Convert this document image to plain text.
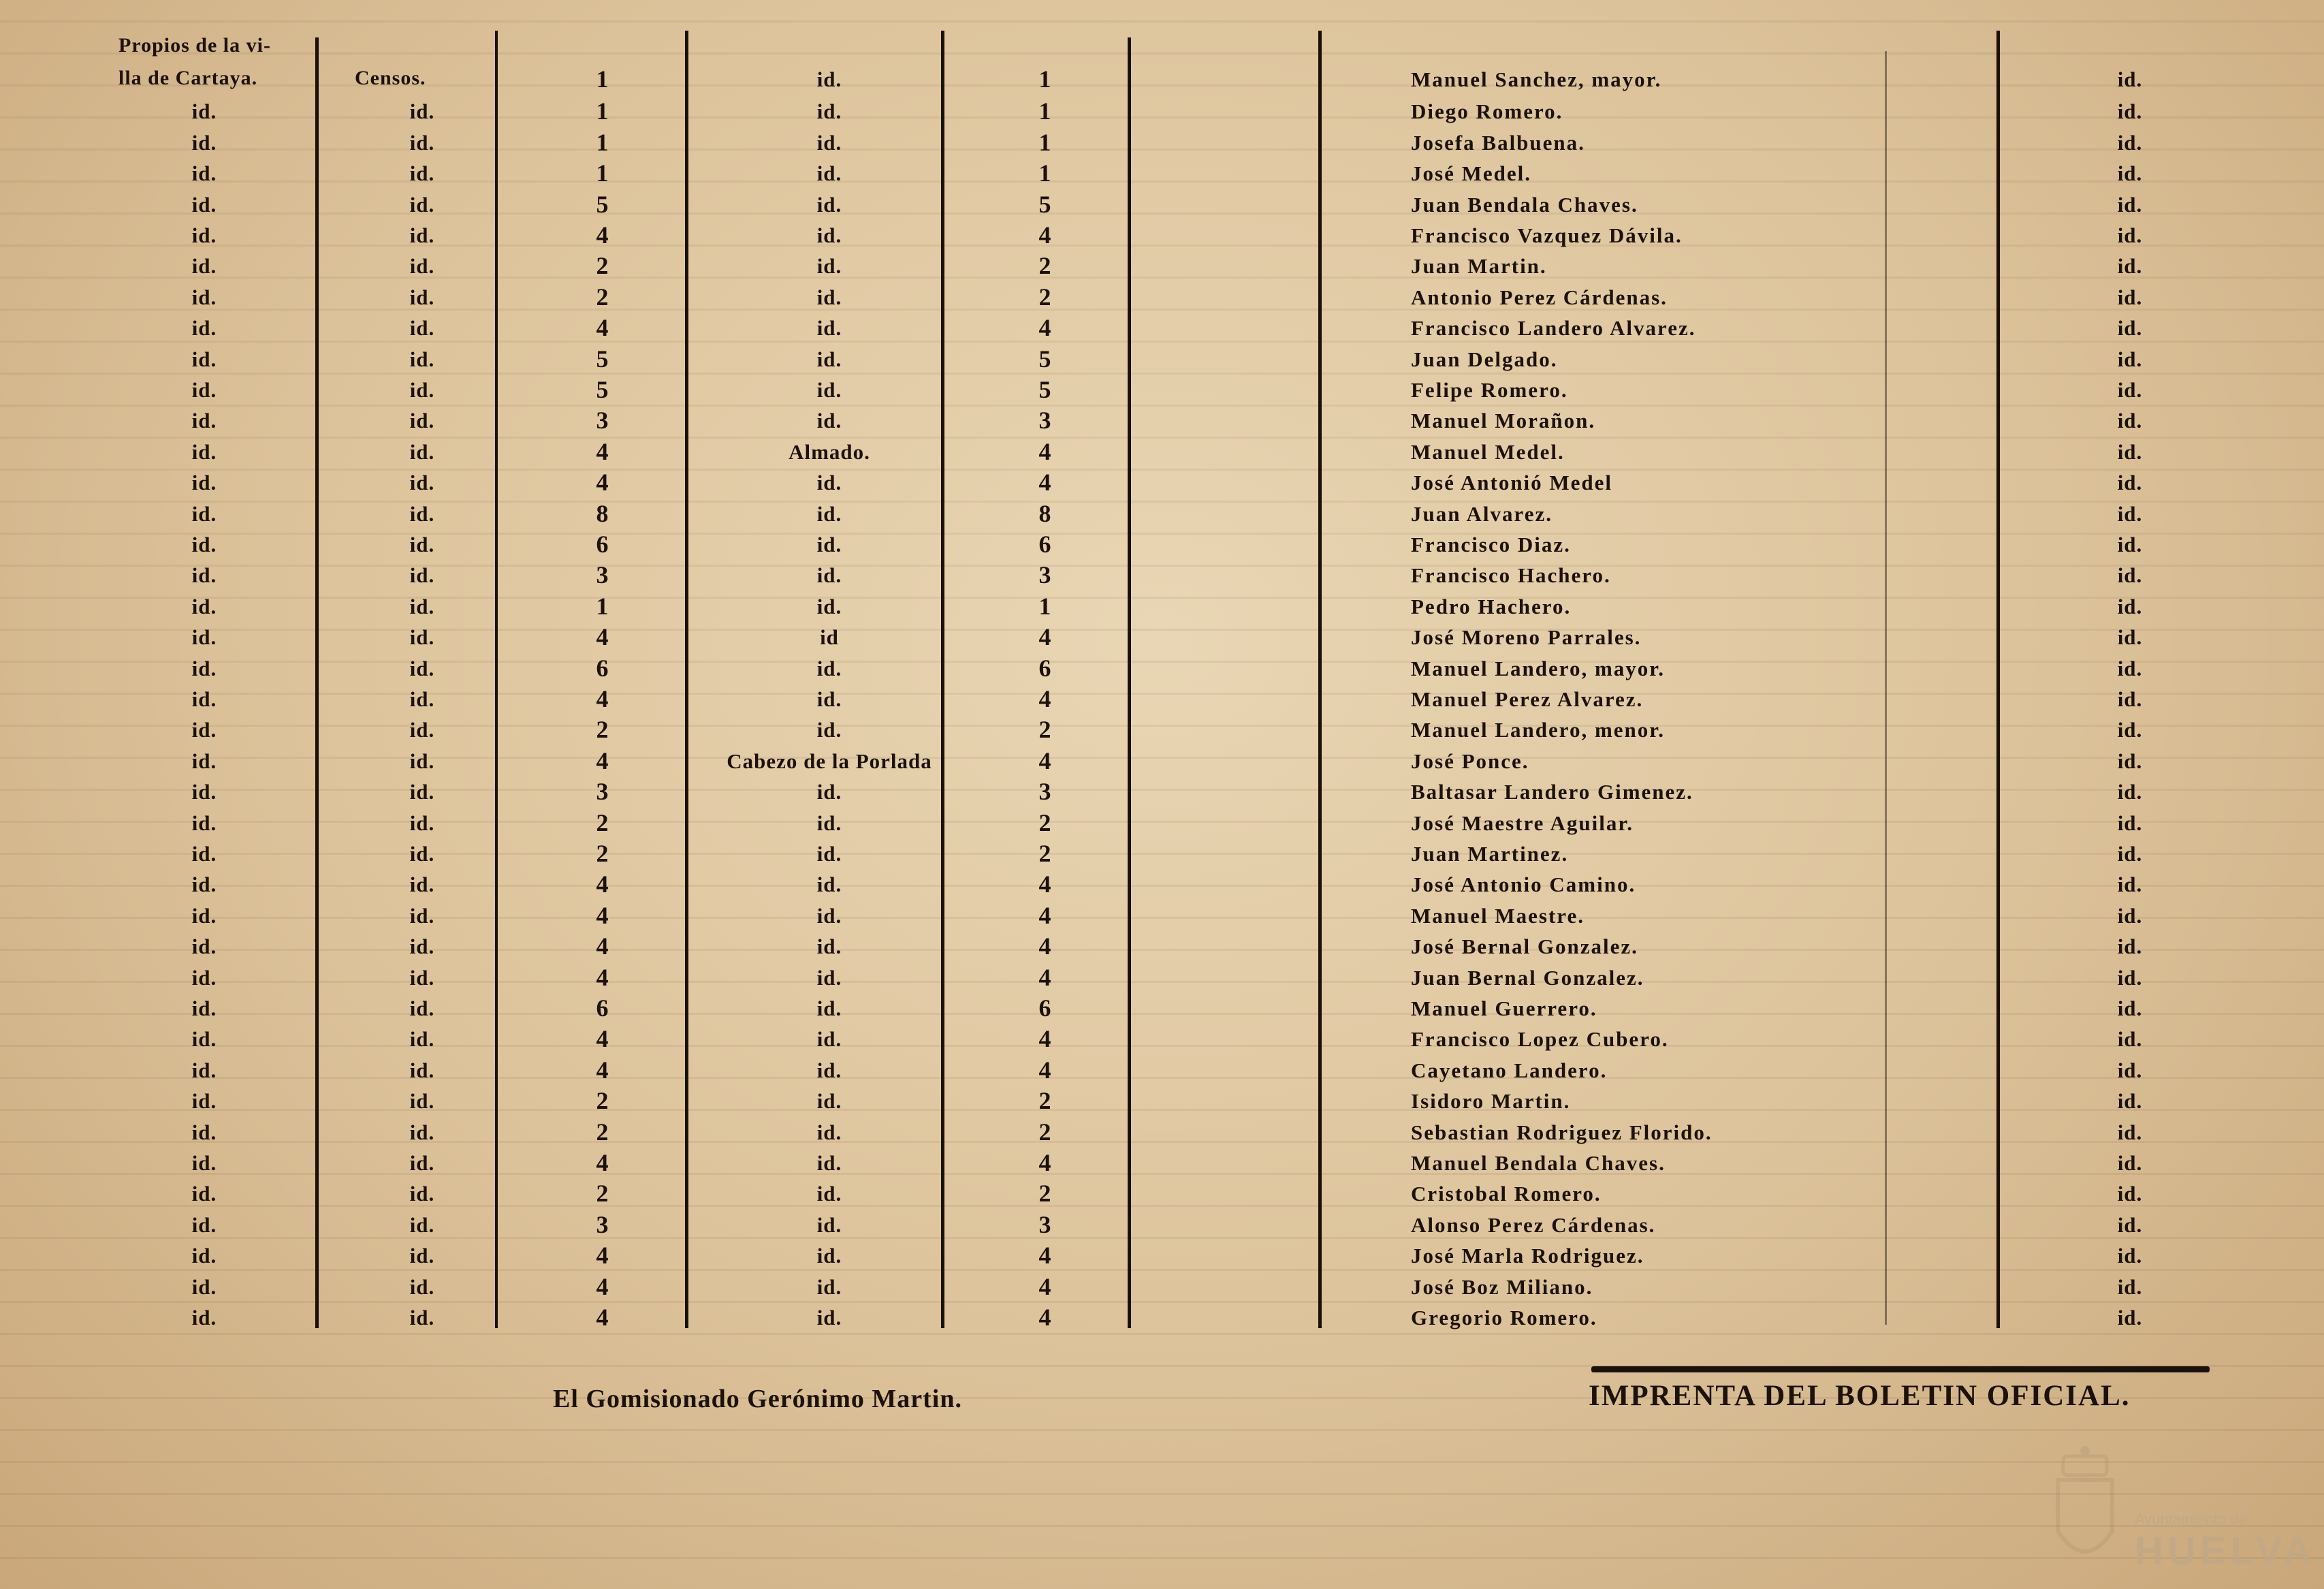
Propios de la vi-
lla de Cartaya.	Censos.	1	id.	1	Manuel Sanchez, mayor.	id.
id.	id.	1	id.	1	Diego Romero.	id.
id.	id.	1	id.	1	Josefa Balbuena.	id.
id.	id.	1	id.	1	José Medel.	id.
id.	id.	5	id.	5	Juan Bendala Chaves.	id.
id.	id.	4	id.	4	Francisco Vazquez Dávila.	id.
id.	id.	2	id.	2	Juan Martin.	id.
id.	id.	2	id.	2	Antonio Perez Cárdenas.	id.
id.	id.	4	id.	4	Francisco Landero Alvarez.	id.
id.	id.	5	id.	5	Juan Delgado.	id.
id.	id.	5	id.	5	Felipe Romero.	id.
id.	id.	3	id.	3	Manuel Morañon.	id.
id.	id.	4	Almado.	4	Manuel Medel.	id.
id.	id.	4	id.	4	José Antonió Medel	id.
id.	id.	8	id.	8	Juan Alvarez.	id.
id.	id.	6	id.	6	Francisco Diaz.	id.
id.	id.	3	id.	3	Francisco Hachero.	id.
id.	id.	1	id.	1	Pedro Hachero.	id.
id.	id.	4	id	4	José Moreno Parrales.	id.
id.	id.	6	id.	6	Manuel Landero, mayor.	id.
id.	id.	4	id.	4	Manuel Perez Alvarez.	id.
id.	id.	2	id.	2	Manuel Landero, menor.	id.
id.	id.	4	Cabezo de la Porlada	4	José Ponce.	id.
id.	id.	3	id.	3	Baltasar Landero Gimenez.	id.
id.	id.	2	id.	2	José Maestre Aguilar.	id.
id.	id.	2	id.	2	Juan Martinez.	id.
id.	id.	4	id.	4	José Antonio Camino.	id.
id.	id.	4	id.	4	Manuel Maestre.	id.
id.	id.	4	id.	4	José Bernal Gonzalez.	id.
id.	id.	4	id.	4	Juan Bernal Gonzalez.	id.
id.	id.	6	id.	6	Manuel Guerrero.	id.
id.	id.	4	id.	4	Francisco Lopez Cubero.	id.
id.	id.	4	id.	4	Cayetano Landero.	id.
id.	id.	2	id.	2	Isidoro Martin.	id.
id.	id.	2	id.	2	Sebastian Rodriguez Florido.	id.
id.	id.	4	id.	4	Manuel Bendala Chaves.	id.
id.	id.	2	id.	2	Cristobal Romero.	id.
id.	id.	3	id.	3	Alonso Perez Cárdenas.	id.
id.	id.	4	id.	4	José Marla Rodriguez.	id.
id.	id.	4	id.	4	José Boz Miliano.	id.
id.	id.	4	id.	4	Gregorio Romero.	id.
El Gomisionado Gerónimo Martin.	IMPRENTA DEL BOLETIN OFICIAL.
Ayuntamiento de
HUELVA
